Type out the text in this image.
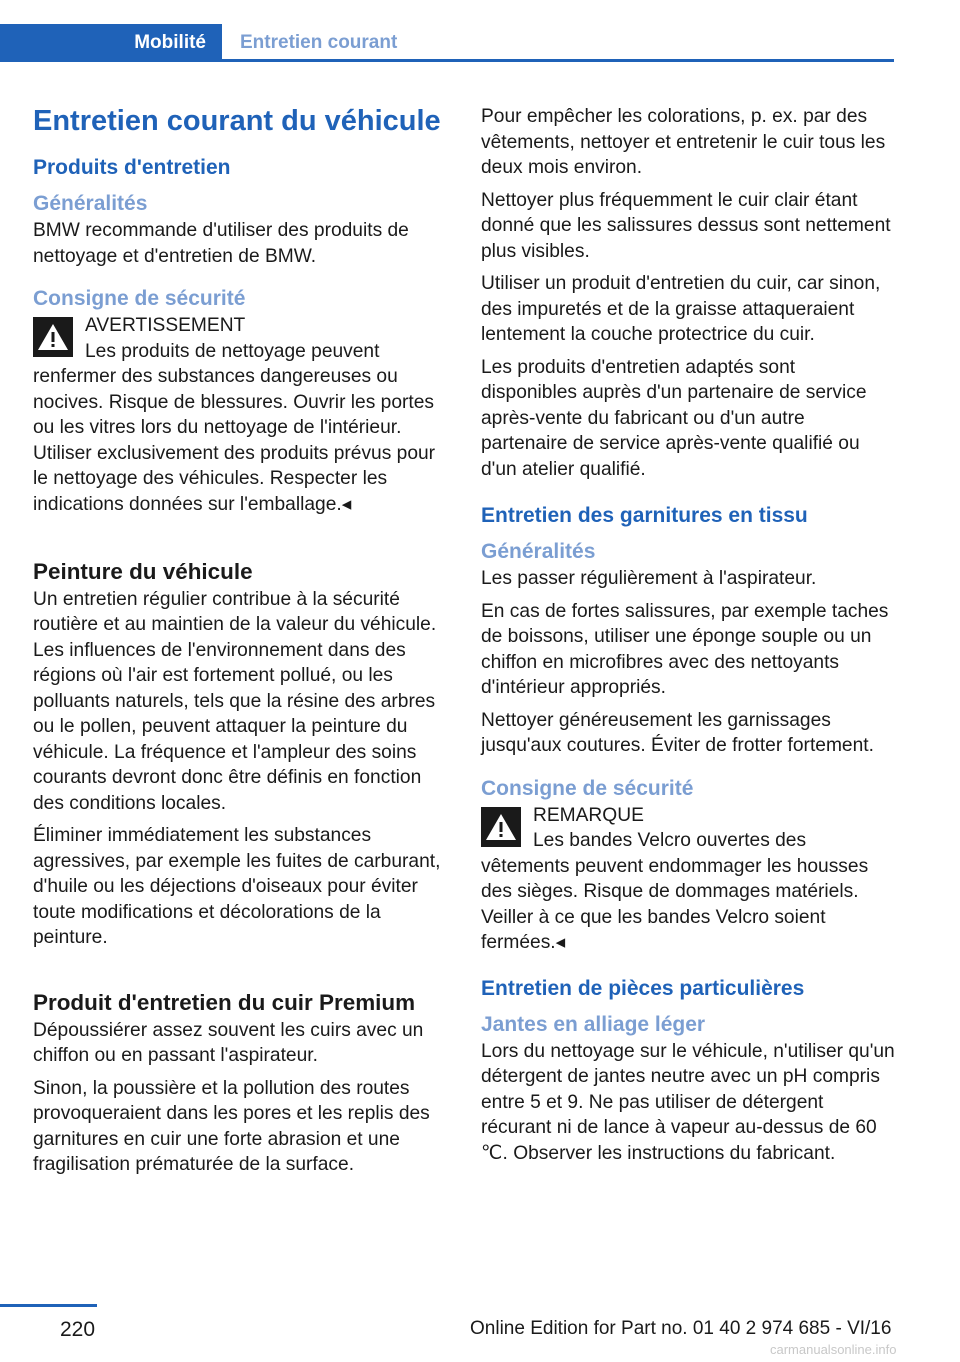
Mobilité	Entretien courant
Entretien courant du véhicule
Produits d'entretien
Généralités

BMW recommande d'utiliser des produits de nettoyage et d'entretien de BMW.

Consigne de sécurité
AVERTISSEMENT
Les produits de nettoyage peuvent renfermer des substances dangereuses ou nocives. Risque de blessures. Ouvrir les portes ou les vitres lors du nettoyage de l'intérieur. Utiliser exclusivement des produits prévus pour le nettoyage des véhicules. Respecter les indications données sur l'emballage.◂
Peinture du véhicule

Un entretien régulier contribue à la sécurité routière et au maintien de la valeur du véhicule. Les influences de l'environnement dans des régions où l'air est fortement pollué, ou les polluants naturels, tels que la résine des arbres ou le pollen, peuvent attaquer la peinture du véhicule. La fréquence et l'ampleur des soins courants devront donc être définis en fonction des conditions locales.

Éliminer immédiatement les substances agressives, par exemple les fuites de carburant, d'huile ou les déjections d'oiseaux pour éviter toute modifications et décolorations de la peinture.

Produit d'entretien du cuir Premium

Dépoussiérer assez souvent les cuirs avec un chiffon ou en passant l'aspirateur.

Sinon, la poussière et la pollution des routes provoqueraient dans les pores et les replis des garnitures en cuir une forte abrasion et une fragilisation prématurée de la surface.

Pour empêcher les colorations, p. ex. par des vêtements, nettoyer et entretenir le cuir tous les deux mois environ.

Nettoyer plus fréquemment le cuir clair étant donné que les salissures dessus sont nettement plus visibles.

Utiliser un produit d'entretien du cuir, car sinon, des impuretés et de la graisse attaqueraient lentement la couche protectrice du cuir.

Les produits d'entretien adaptés sont disponibles auprès d'un partenaire de service après-vente du fabricant ou d'un autre partenaire de service après-vente qualifié ou d'un atelier qualifié.

Entretien des garnitures en tissu
Généralités

Les passer régulièrement à l'aspirateur.

En cas de fortes salissures, par exemple taches de boissons, utiliser une éponge souple ou un chiffon en microfibres avec des nettoyants d'intérieur appropriés.

Nettoyer généreusement les garnissages jusqu'aux coutures. Éviter de frotter fortement.

Consigne de sécurité
REMARQUE
Les bandes Velcro ouvertes des vêtements peuvent endommager les housses des sièges. Risque de dommages matériels. Veiller à ce que les bandes Velcro soient fermées.◂
Entretien de pièces particulières
Jantes en alliage léger

Lors du nettoyage sur le véhicule, n'utiliser qu'un détergent de jantes neutre avec un pH compris entre 5 et 9. Ne pas utiliser de détergent récurant ni de lance à vapeur au-dessus de 60 ℃. Observer les instructions du fabricant.

220	Online Edition for Part no. 01 40 2 974 685 - VI/16
carmanualsonline.info
